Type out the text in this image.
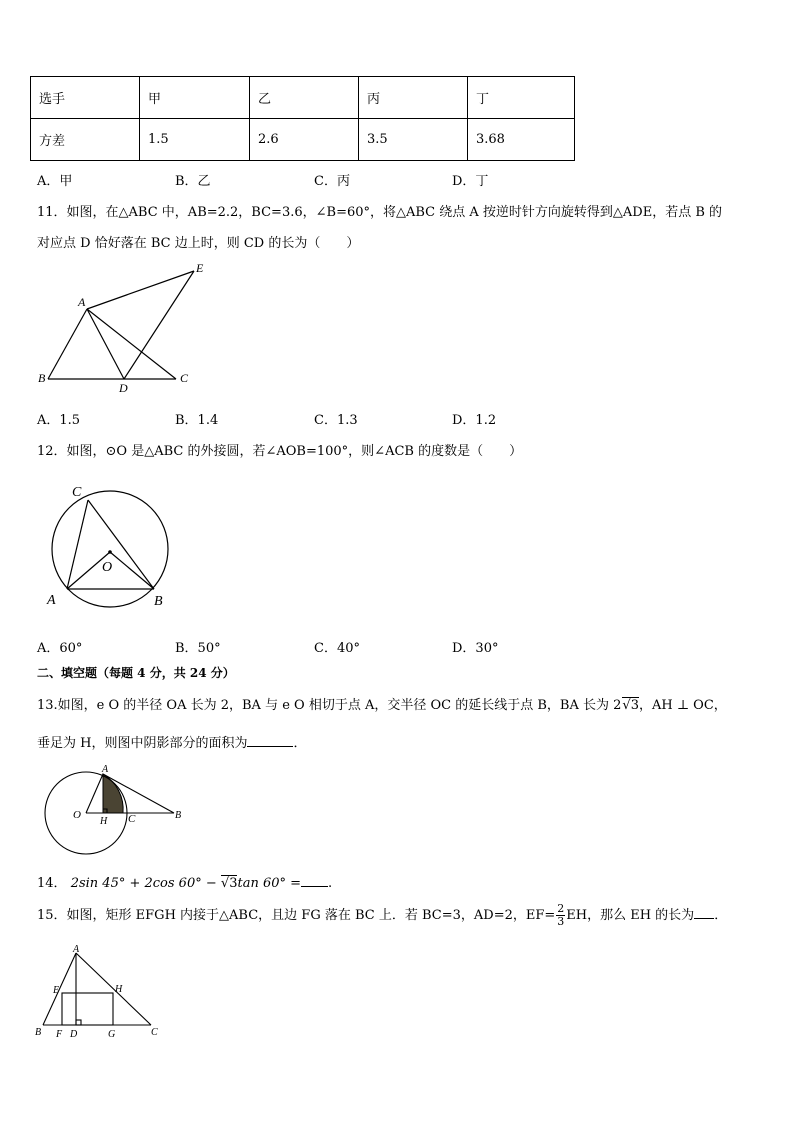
选手	甲	乙	丙	丁
方差	1.5	2.6	3.5	3.68
A．甲	B．乙	C．丙	D．丁
11．如图，在△ABC 中，AB=2.2，BC=3.6，∠B=60°，将△ABC 绕点 A 按逆时针方向旋转得到△ADE，若点 B 的
对应点 D 恰好落在 BC 边上时，则 CD 的长为（　　）
A
B	C
D
E
A．1.5	B．1.4	C．1.3	D．1.2
12．如图，⊙O 是△ABC 的外接圆，若∠AOB=100°，则∠ACB 的度数是（　　）
C
O
A	B
A．60°	B．50°	C．40°	D．30°
二、填空题（每题 4 分，共 24 分）
13.如图，e O 的半径 OA 长为 2，BA 与 e O 相切于点 A，交半径 OC 的延长线于点 B，BA 长为 2√3，AH ⊥ OC，
垂足为 H，则图中阴影部分的面积为	．
A
O
H C	B
14． 2sin 45° + 2cos 60° − √3tan 60° = .
15．如图，矩形 EFGH 内接于△ABC，且边 FG 落在 BC 上．若 BC=3，AD=2，$EF= \frac{2}{3}$ EH，那么 EH 的长为 ．
A
E	H
B F D	G	C
